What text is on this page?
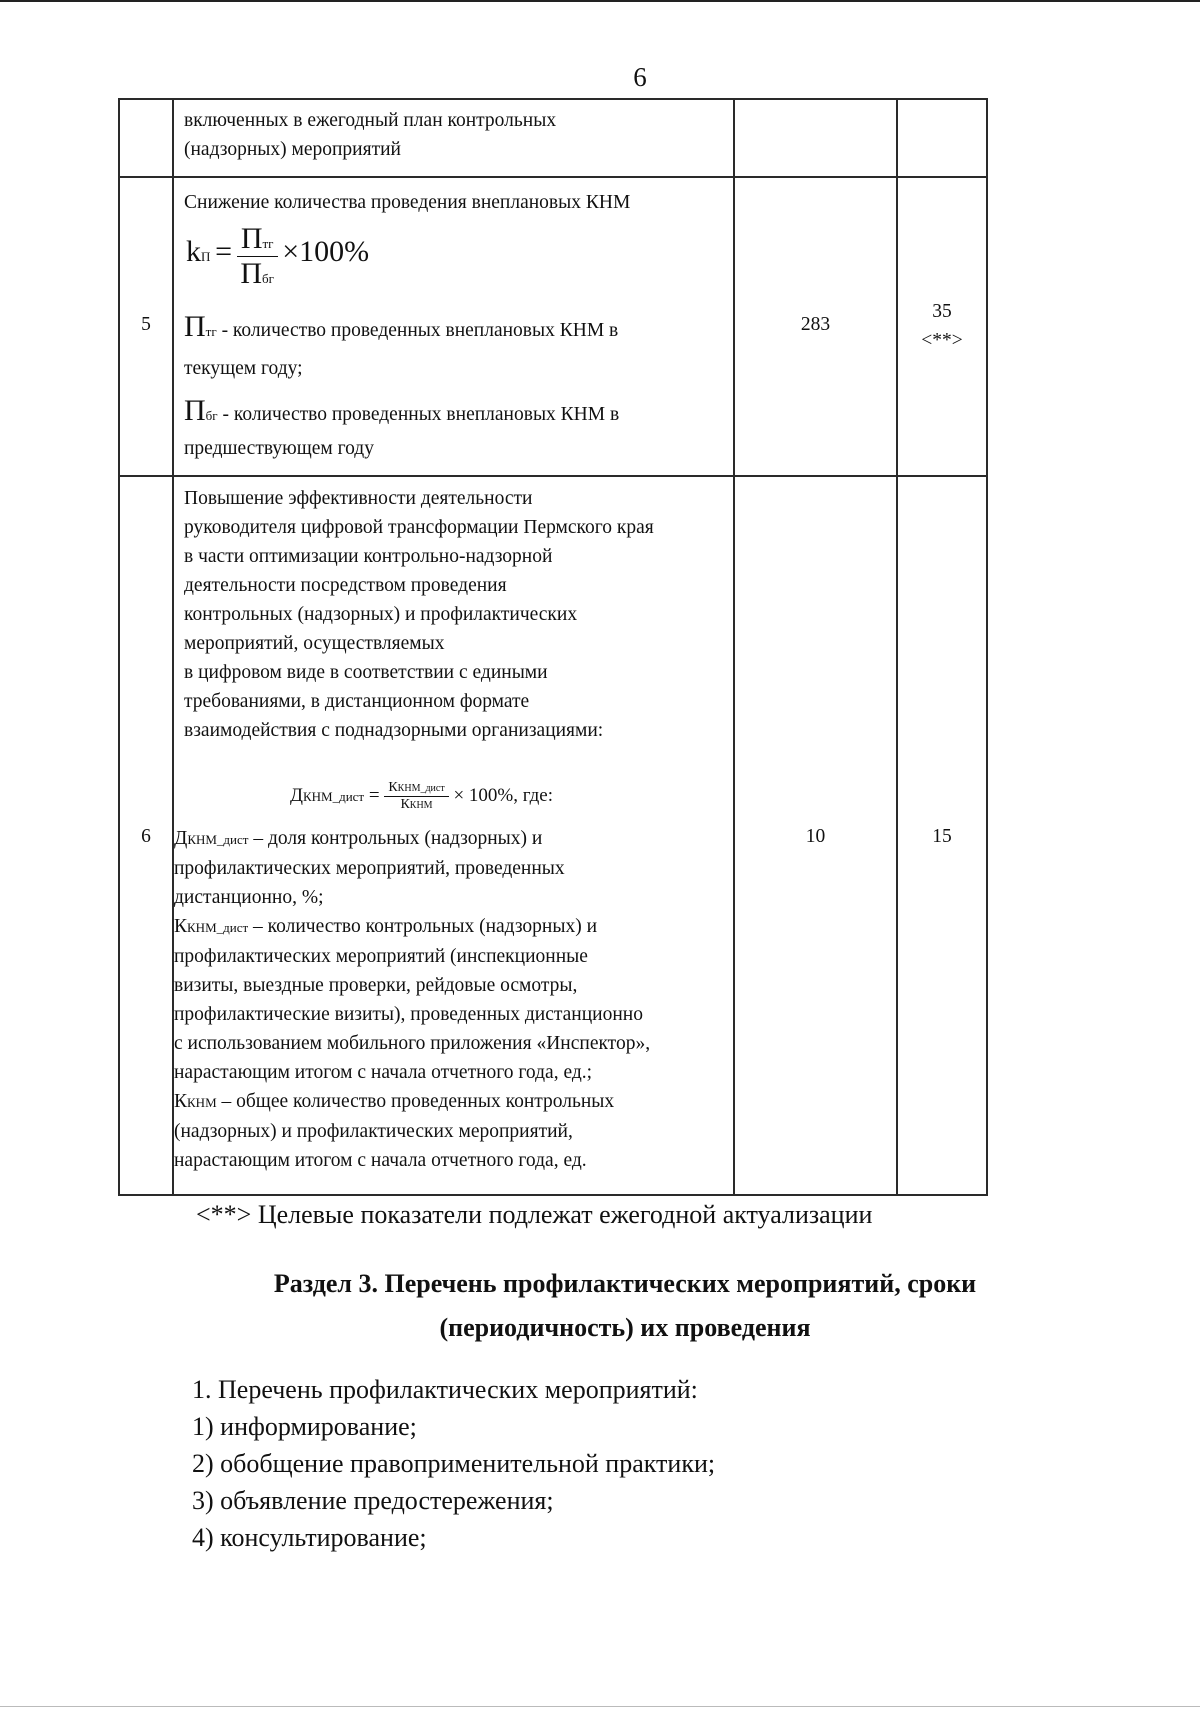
6
включенных в ежегодный план контрольных
(надзорных) мероприятий
5
Снижение количества проведения внеплановых КНМ
kП = $\frac{\text{Птг}}{\text{Пбг}} \times 100\%$
Птг - количество проведенных внеплановых КНМ в
текущем году;
Пбг - количество проведенных внеплановых КНМ в
предшествующем году
283
35
<**>
6
Повышение эффективности деятельности
руководителя цифровой трансформации Пермского края
в части оптимизации контрольно-надзорной
деятельности посредством проведения
контрольных (надзорных) и профилактических
мероприятий, осуществляемых
в цифровом виде в соответствии с едиными
требованиями, в дистанционном формате
взаимодействия с поднадзорными организациями:
ДКНМ_дист = $\frac{\text{ККНМ\_дист}}{\text{ККНМ}} \times 100\%$, где:
ДКНМ_дист – доля контрольных (надзорных) и
профилактических мероприятий, проведенных
дистанционно, %;
ККНМ_дист – количество контрольных (надзорных) и
профилактических мероприятий (инспекционные
визиты, выездные проверки, рейдовые осмотры,
профилактические визиты), проведенных дистанционно
с использованием мобильного приложения «Инспектор»,
нарастающим итогом с начала отчетного года, ед.;
ККНМ – общее количество проведенных контрольных
(надзорных) и профилактических мероприятий,
нарастающим итогом с начала отчетного года, ед.
10	15
<**> Целевые показатели подлежат ежегодной актуализации
Раздел 3. Перечень профилактических мероприятий, сроки
(периодичность) их проведения
1. Перечень профилактических мероприятий:
1) информирование;
2) обобщение правоприменительной практики;
3) объявление предостережения;
4) консультирование;
